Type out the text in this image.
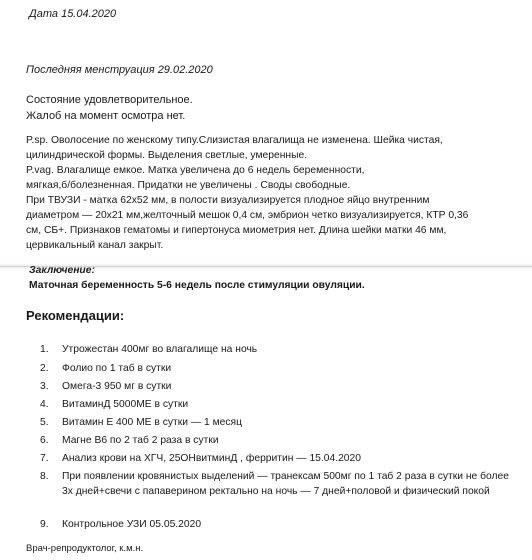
Дата 15.04.2020
Последняя менструация 29.02.2020
Состояние удовлетворительное.
Жалоб на момент осмотра нет.
P.sp. Оволосение по женскому типу.Слизистая влагалища не изменена. Шейка чистая,
цилиндрической формы. Выделения светлые, умеренные.
P.vag. Влагалище емкое. Матка увеличена до 6 недель беременности,
мягкая,б/болезненная. Придатки не увеличены . Своды свободные.
При ТВУЗИ - матка 62х52 мм, в полости визуализируется плодное яйцо внутренним
диаметром — 20х21 мм,желточный мешок 0,4 см, эмбрион четко визуализируется, КТР 0,36
см, СБ+. Признаков гематомы и гипертонуса миометрия нет. Длина шейки матки 46 мм,
цервикальный канал закрыт.
Заключение:
Маточная беременность 5-6 недель после стимуляции овуляции.
Рекомендации:
1. Утрожестан 400мг во влагалище на ночь
2. Фолио по 1 таб в сутки
3. Омега-3 950 мг в сутки
4. ВитаминД 5000МЕ в сутки
5. Витамин Е 400 МЕ в сутки — 1 месяц
6. Магне В6 по 2 таб 2 раза в сутки
7. Анализ крови на ХГЧ, 25ОНвитминД , ферритин — 15.04.2020
8. При появлении кровянистых выделений — транексам 500мг по 1 таб 2 раза в сутки не более 3х дней+свечи с папаверином ректально на ночь — 7 дней+половой и физический покой
9. Контрольное УЗИ 05.05.2020
Врач-репродуктолог, к.м.н.
